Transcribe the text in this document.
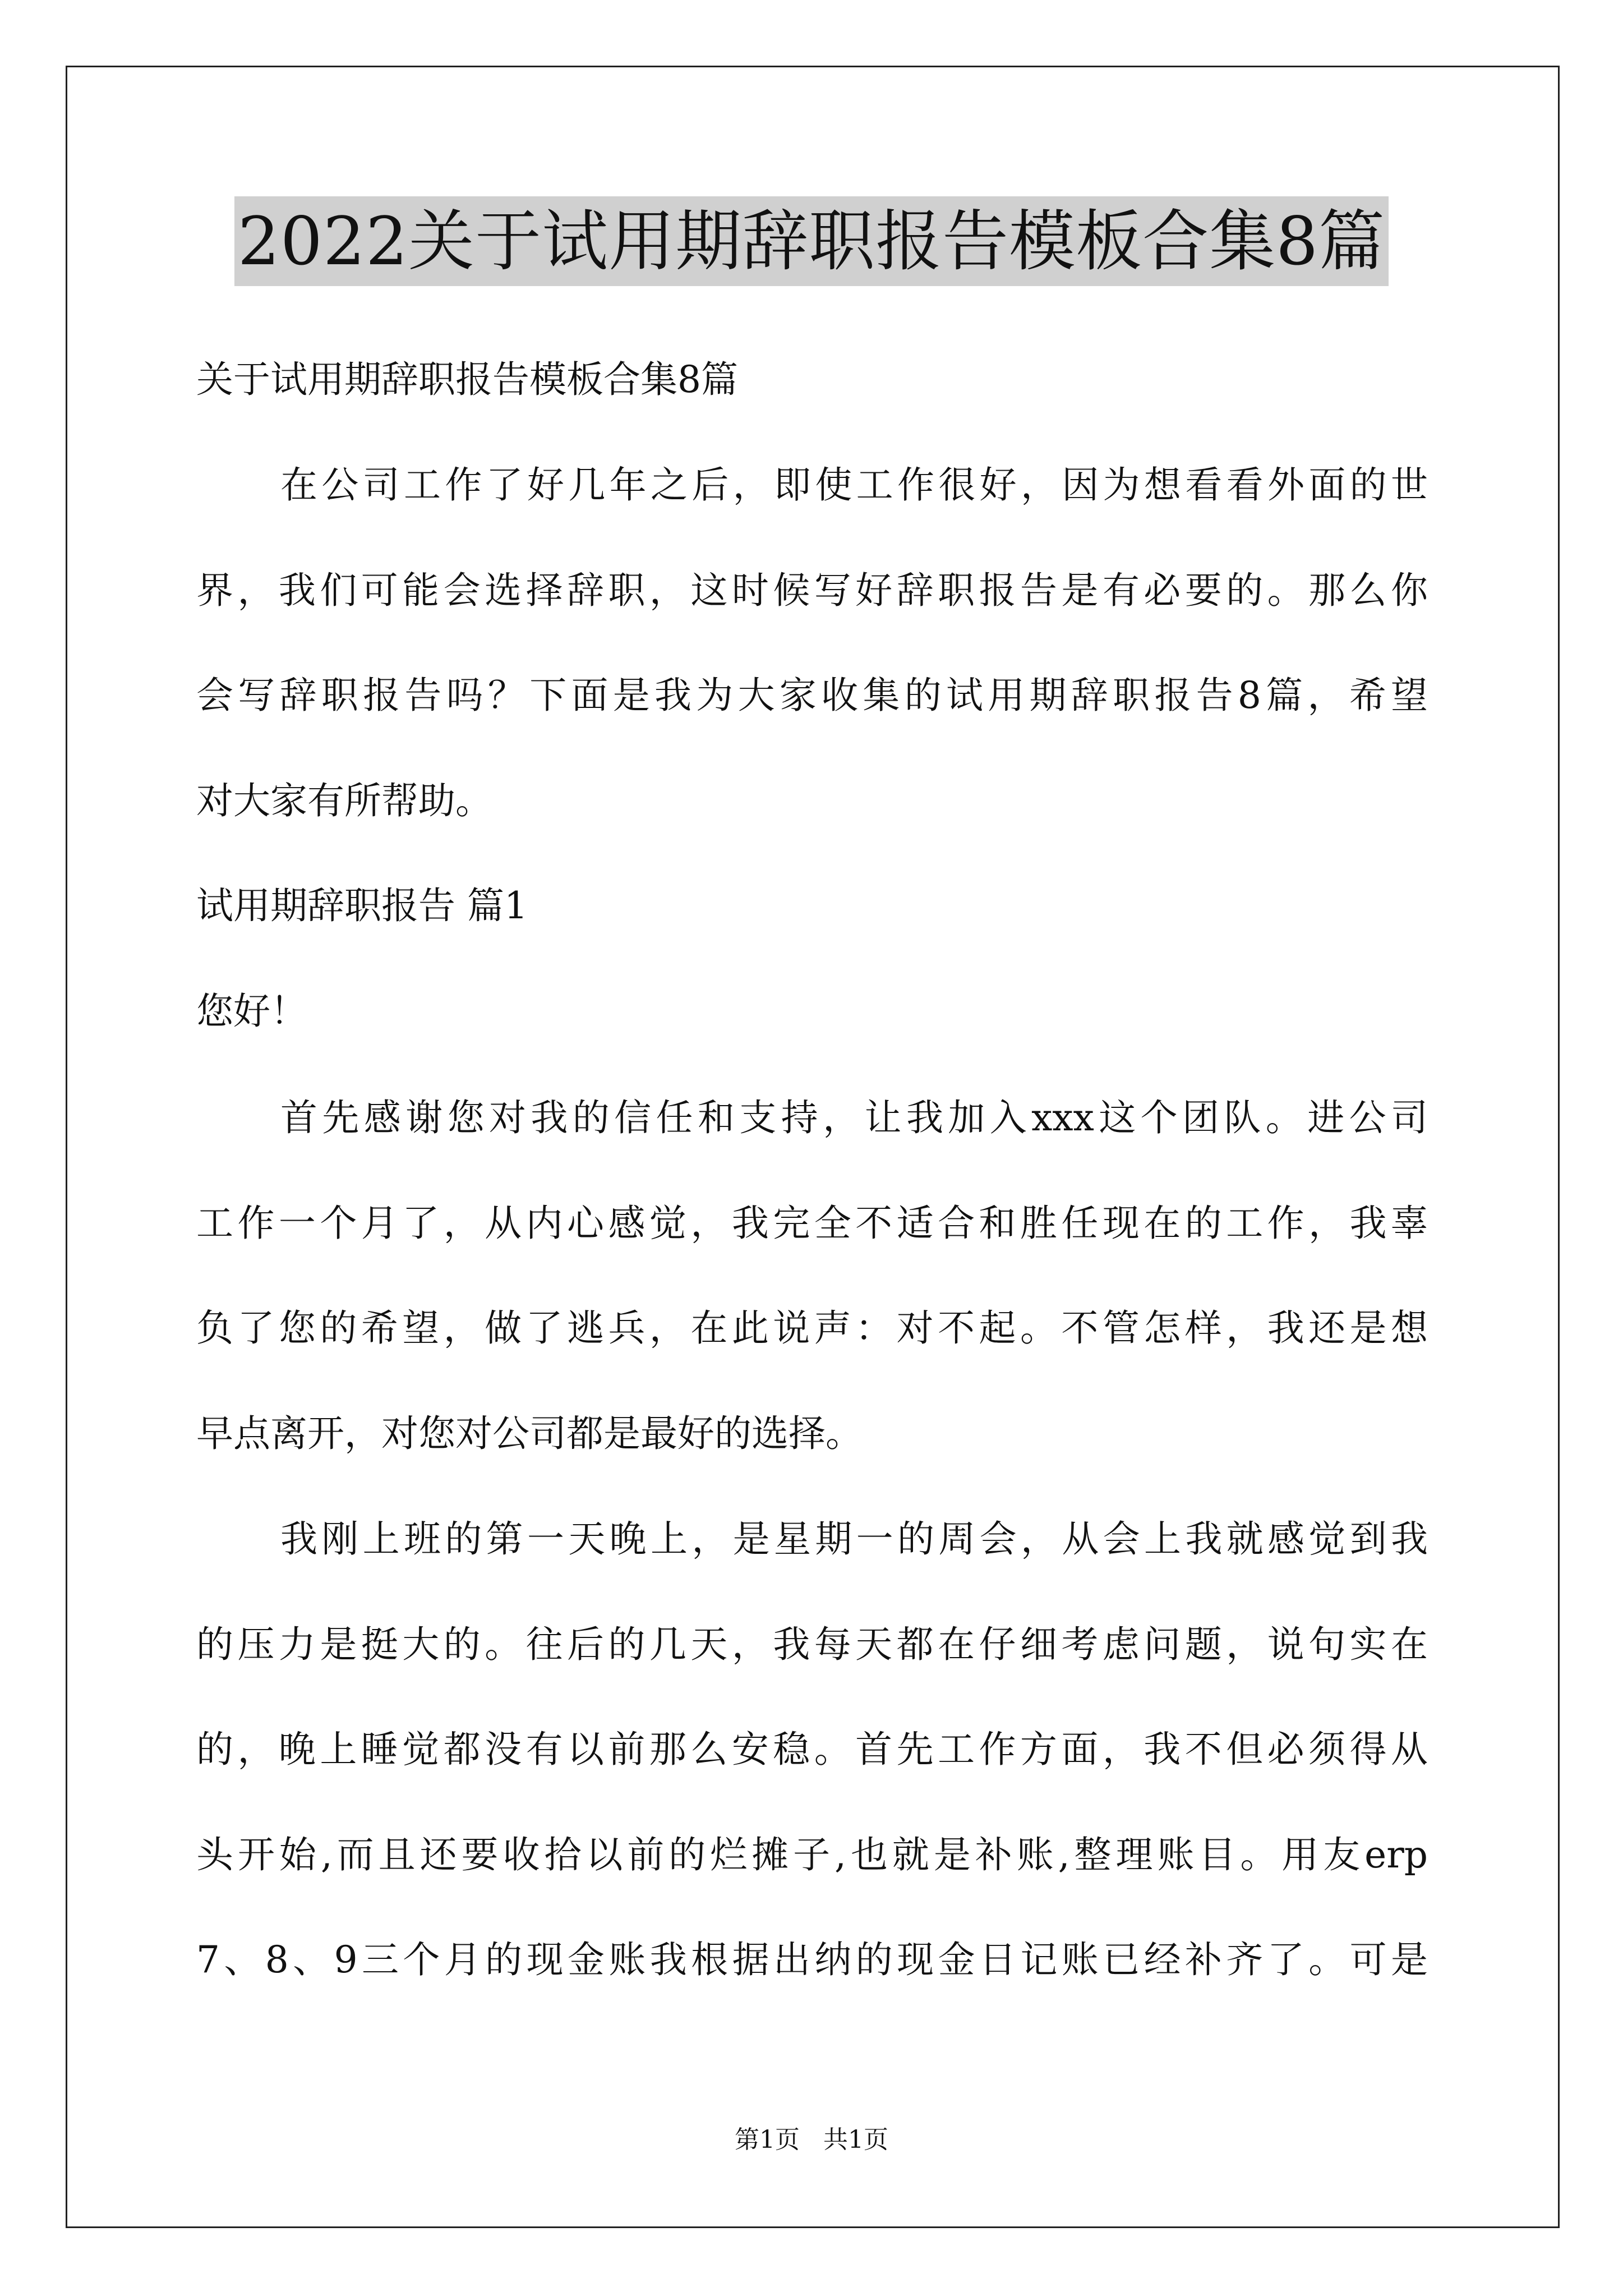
2022关于试用期辞职报告模板合集8篇
关于试用期辞职报告模板合集8篇
在公司工作了好几年之后，即使工作很好，因为想看看外面的世
界，我们可能会选择辞职，这时候写好辞职报告是有必要的。那么你
会写辞职报告吗？下面是我为大家收集的试用期辞职报告8篇，希望
对大家有所帮助。
试用期辞职报告 篇1
您好！
首先感谢您对我的信任和支持，让我加入xxx这个团队。进公司
工作一个月了，从内心感觉，我完全不适合和胜任现在的工作，我辜
负了您的希望，做了逃兵，在此说声：对不起。不管怎样，我还是想
早点离开，对您对公司都是最好的选择。
我刚上班的第一天晚上，是星期一的周会，从会上我就感觉到我
的压力是挺大的。往后的几天，我每天都在仔细考虑问题，说句实在
的，晚上睡觉都没有以前那么安稳。首先工作方面，我不但必须得从
头开始,而且还要收拾以前的烂摊子,也就是补账,整理账目。用友erp
7、8、9三个月的现金账我根据出纳的现金日记账已经补齐了。可是
第1页   共1页
